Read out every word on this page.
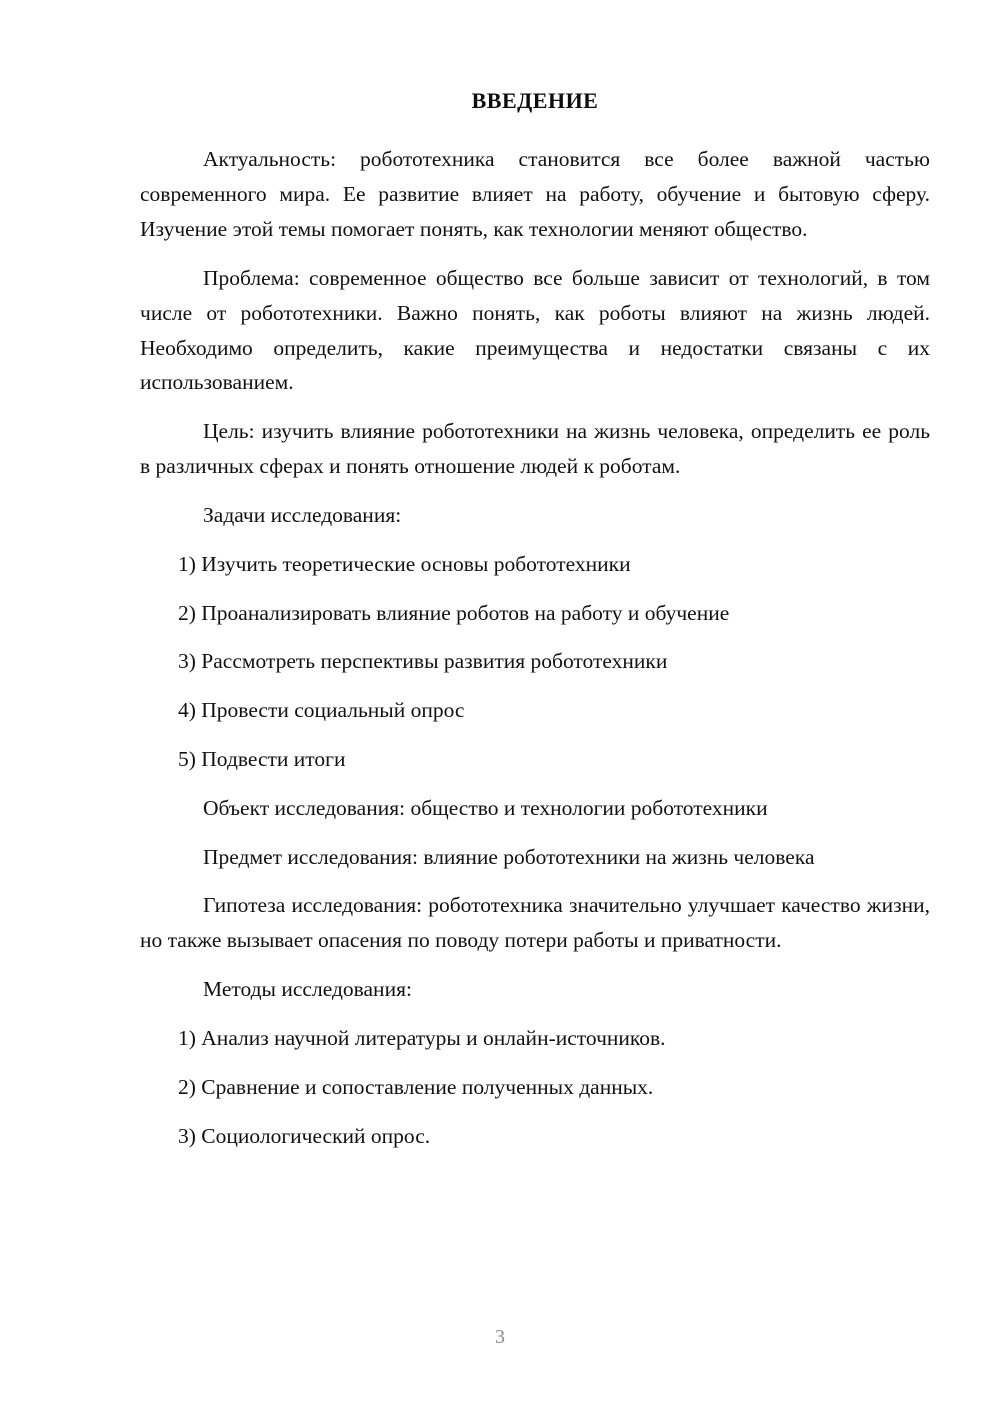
ВВЕДЕНИЕ

Актуальность: робототехника становится все более важной частью современного мира. Ее развитие влияет на работу, обучение и бытовую сферу. Изучение этой темы помогает понять, как технологии меняют общество.

Проблема: современное общество все больше зависит от технологий, в том числе от робототехники. Важно понять, как роботы влияют на жизнь людей. Необходимо определить, какие преимущества и недостатки связаны с их использованием.

Цель: изучить влияние робототехники на жизнь человека, определить ее роль в различных сферах и понять отношение людей к роботам.

Задачи исследования:

1) Изучить теоретические основы робототехники
2) Проанализировать влияние роботов на работу и обучение
3) Рассмотреть перспективы развития робототехники
4) Провести социальный опрос
5) Подвести итоги

Объект исследования: общество и технологии робототехники

Предмет исследования: влияние робототехники на жизнь человека

Гипотеза исследования: робототехника значительно улучшает качество жизни, но также вызывает опасения по поводу потери работы и приватности.

Методы исследования:

1) Анализ научной литературы и онлайн-источников.
2) Сравнение и сопоставление полученных данных.
3) Социологический опрос.
3
